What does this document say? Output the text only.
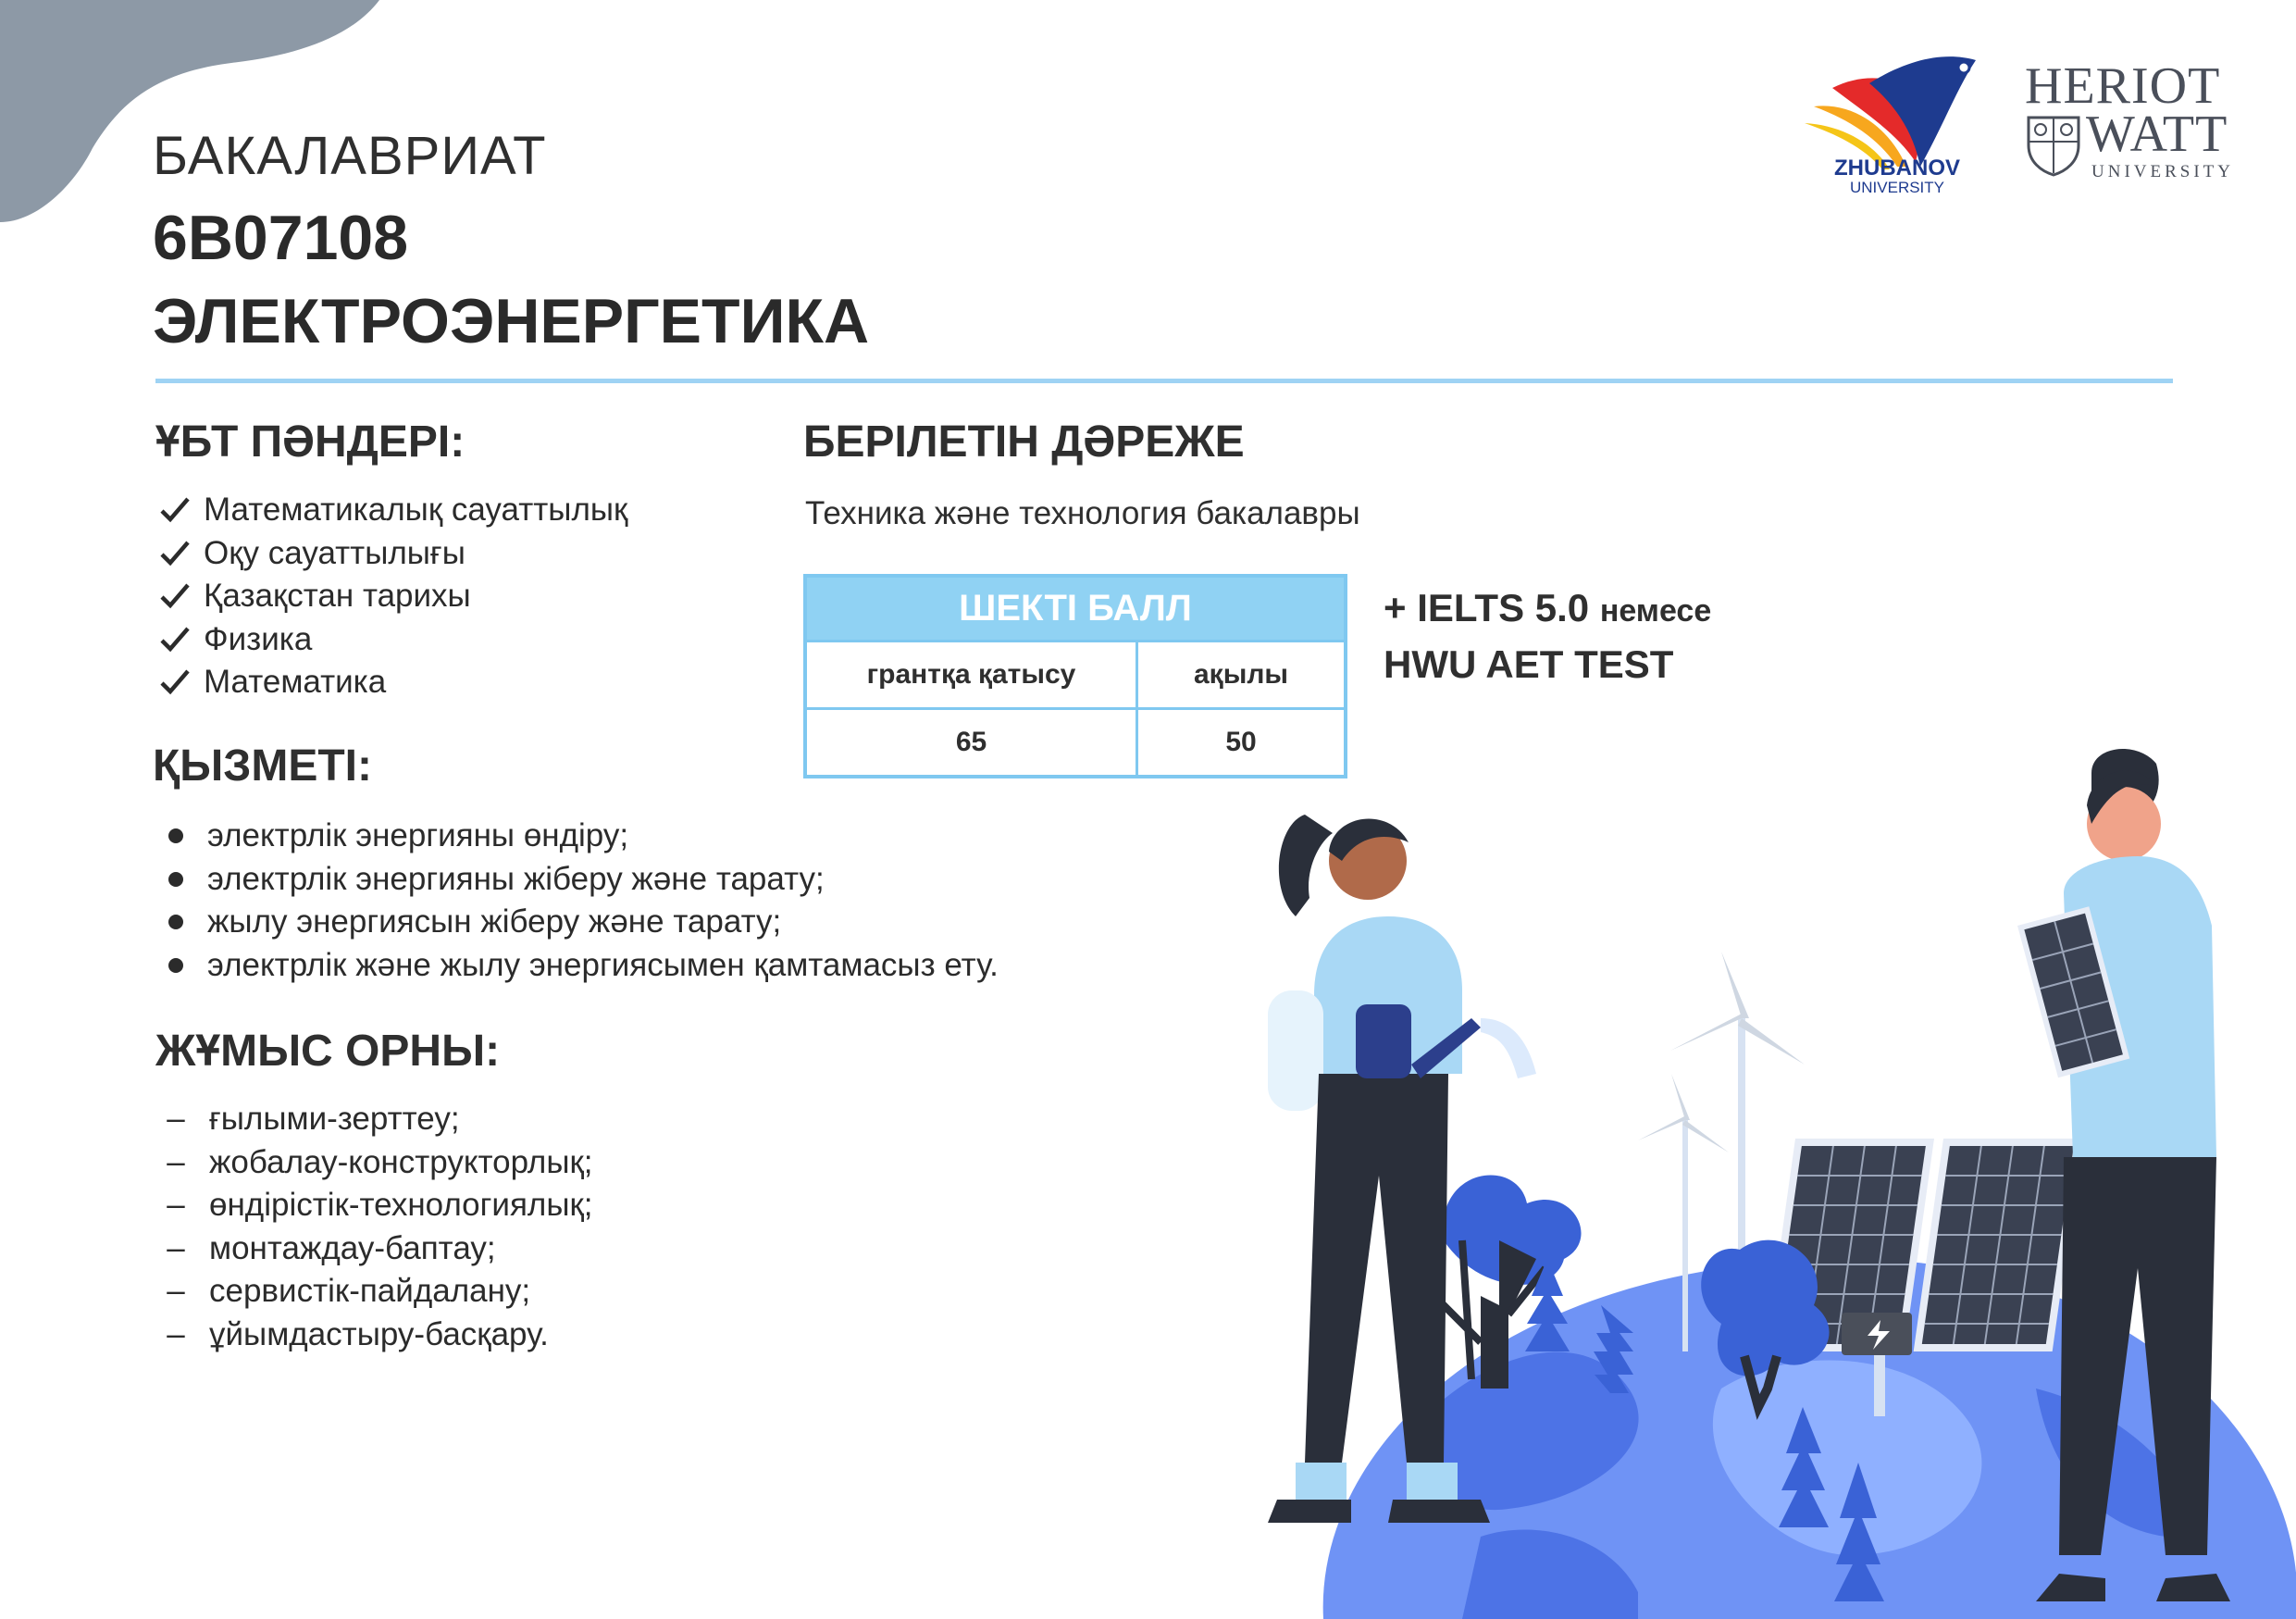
БАКАЛАВРИАТ
6В07108
ЭЛЕКТРОЭНЕРГЕТИКА
ZHUBANOV
UNIVERSITY
HERIOT
WATT
UNIVERSITY
ҰБТ ПӘНДЕРІ:
Математикалық сауаттылық
Оқу сауаттылығы
Қазақстан тарихы
Физика
Математика
БЕРІЛЕТІН ДӘРЕЖЕ
Техника және технология бакалавры
ШЕКТІ БАЛЛ
грантқа қатысу	ақылы
65	50
+ IELTS 5.0 немесе
HWU AET TEST
ҚЫЗМЕТІ:
электрлік энергияны өндіру;
электрлік энергияны жіберу және тарату;
жылу энергиясын жіберу және тарату;
электрлік және жылу энергиясымен қамтамасыз ету.
ЖҰМЫС ОРНЫ:
– ғылыми-зерттеу;
– жобалау-конструкторлық;
– өндірістік-технологиялық;
– монтаждау-баптау;
– сервистік-пайдалану;
– ұйымдастыру-басқару.
